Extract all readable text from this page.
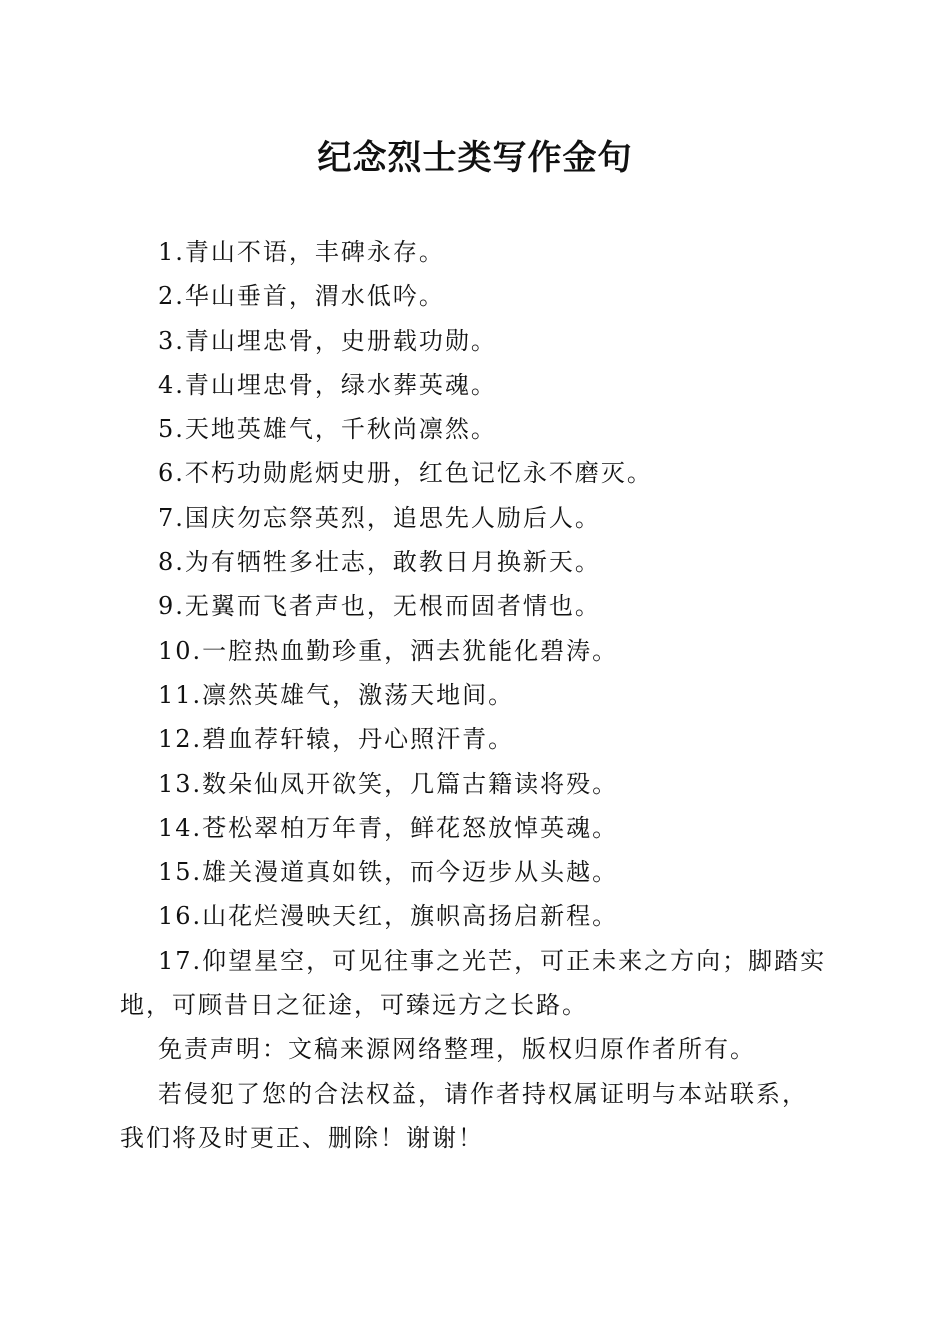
纪念烈士类写作金句

1.青山不语，丰碑永存。

2.华山垂首，渭水低吟。

3.青山埋忠骨，史册载功勋。

4.青山埋忠骨，绿水葬英魂。

5.天地英雄气，千秋尚凛然。

6.不朽功勋彪炳史册，红色记忆永不磨灭。

7.国庆勿忘祭英烈，追思先人励后人。

8.为有牺牲多壮志，敢教日月换新天。

9.无翼而飞者声也，无根而固者情也。

10.一腔热血勤珍重，洒去犹能化碧涛。

11.凛然英雄气，激荡天地间。

12.碧血荐轩辕，丹心照汗青。

13.数朵仙凤开欲笑，几篇古籍读将殁。

14.苍松翠柏万年青，鲜花怒放悼英魂。

15.雄关漫道真如铁，而今迈步从头越。

16.山花烂漫映天红，旗帜高扬启新程。

17.仰望星空，可见往事之光芒，可正未来之方向；脚踏实地，可顾昔日之征途，可臻远方之长路。

免责声明：文稿来源网络整理，版权归原作者所有。

若侵犯了您的合法权益，请作者持权属证明与本站联系，我们将及时更正、删除！谢谢！
